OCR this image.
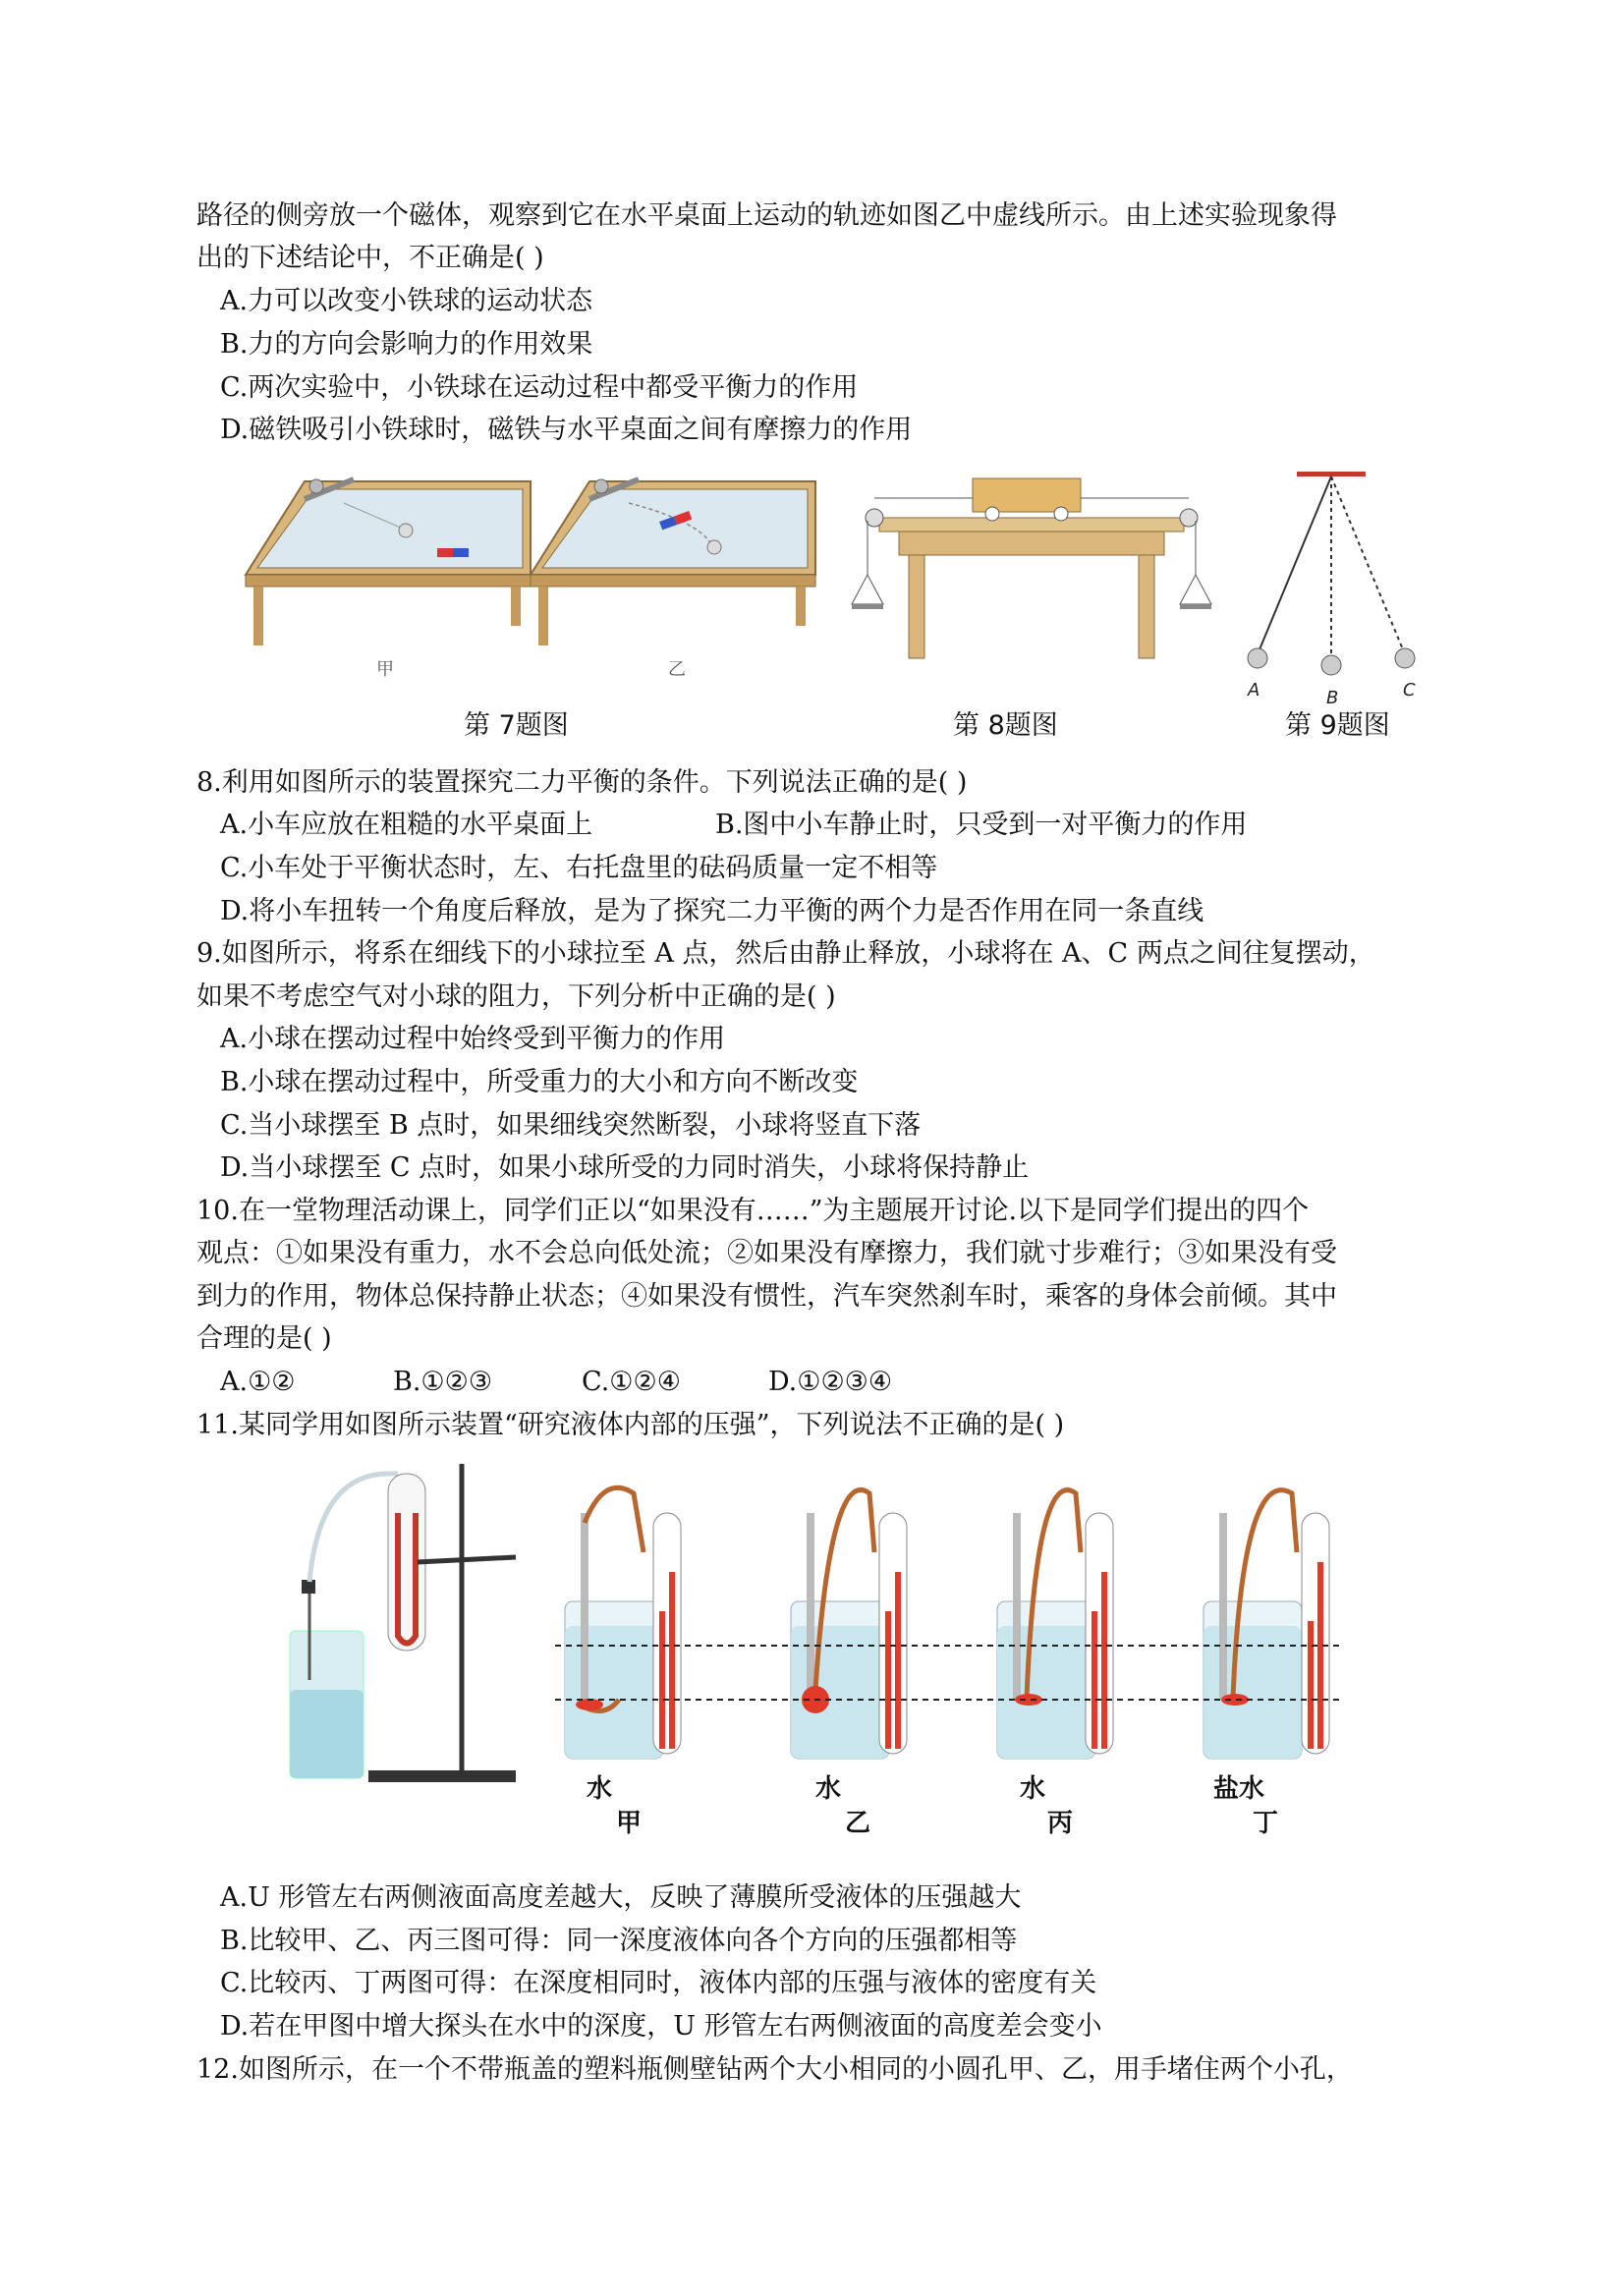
路径的侧旁放一个磁体，观察到它在水平桌面上运动的轨迹如图乙中虚线所示。由上述实验现象得
出的下述结论中，不正确是( )
A.力可以改变小铁球的运动状态
B.力的方向会影响力的作用效果
C.两次实验中，小铁球在运动过程中都受平衡力的作用
D.磁铁吸引小铁球时，磁铁与水平桌面之间有摩擦力的作用
甲	乙
第 7题图	第 8题图
A	B	C
第 9题图
8.利用如图所示的装置探究二力平衡的条件。下列说法正确的是( )
A.小车应放在粗糙的水平桌面上	B.图中小车静止时，只受到一对平衡力的作用
C.小车处于平衡状态时，左、右托盘里的砝码质量一定不相等
D.将小车扭转一个角度后释放，是为了探究二力平衡的两个力是否作用在同一条直线
9.如图所示，将系在细线下的小球拉至 A 点，然后由静止释放，小球将在 A、C 两点之间往复摆动，
如果不考虑空气对小球的阻力，下列分析中正确的是( )
A.小球在摆动过程中始终受到平衡力的作用
B.小球在摆动过程中，所受重力的大小和方向不断改变
C.当小球摆至 B 点时，如果细线突然断裂，小球将竖直下落
D.当小球摆至 C 点时，如果小球所受的力同时消失，小球将保持静止
10.在一堂物理活动课上，同学们正以“如果没有……”为主题展开讨论.以下是同学们提出的四个
观点：①如果没有重力，水不会总向低处流；②如果没有摩擦力，我们就寸步难行；③如果没有受
到力的作用，物体总保持静止状态；④如果没有惯性，汽车突然刹车时，乘客的身体会前倾。其中
合理的是( )
A.①②	B.①②③	C.①②④	D.①②③④
11.某同学用如图所示装置“研究液体内部的压强”，下列说法不正确的是( )
水
甲
水
乙
水
丙
盐水
丁
A.U 形管左右两侧液面高度差越大，反映了薄膜所受液体的压强越大
B.比较甲、乙、丙三图可得：同一深度液体向各个方向的压强都相等
C.比较丙、丁两图可得：在深度相同时，液体内部的压强与液体的密度有关
D.若在甲图中增大探头在水中的深度，U 形管左右两侧液面的高度差会变小
12.如图所示，在一个不带瓶盖的塑料瓶侧壁钻两个大小相同的小圆孔甲、乙，用手堵住两个小孔，
